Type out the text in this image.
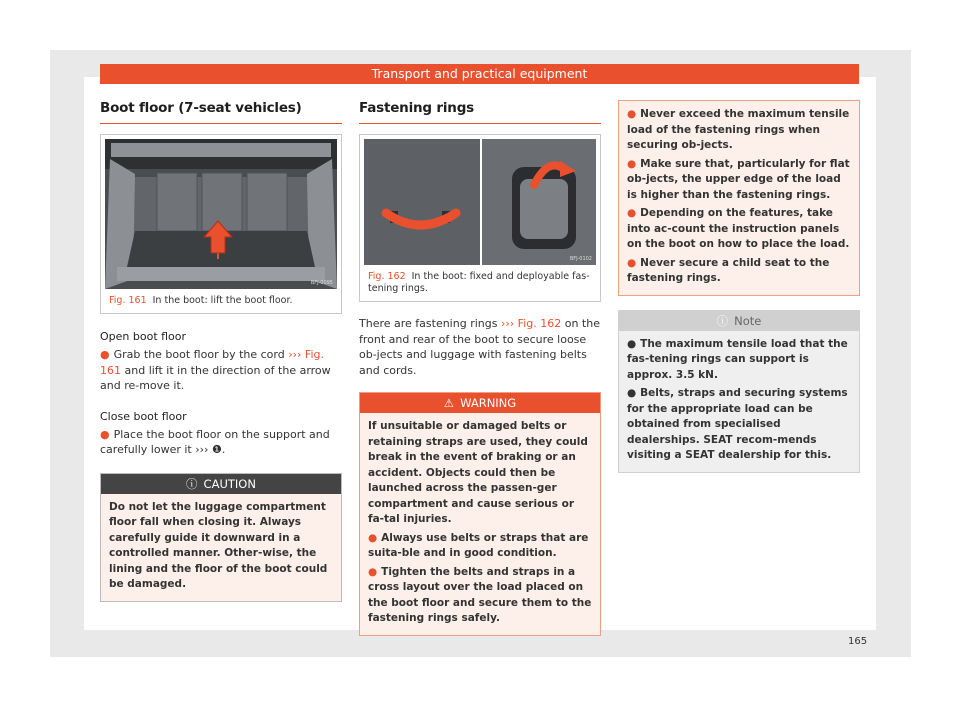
Transport and practical equipment
Boot floor (7-seat vehicles)
BFJ-0095
Fig. 161 In the boot: lift the boot floor.
Open boot floor
● Grab the boot floor by the cord ››› Fig. 161 and lift it in the direction of the arrow and re-move it.
Close boot floor
● Place the boot floor on the support and carefully lower it ››› ❶.
ⓘ CAUTION
Do not let the luggage compartment floor fall when closing it. Always carefully guide it downward in a controlled manner. Other-wise, the lining and the floor of the boot could be damaged.
Fastening rings
BFJ-0102
Fig. 162 In the boot: fixed and deployable fas-tening rings.
There are fastening rings ››› Fig. 162 on the front and rear of the boot to secure loose ob-jects and luggage with fastening belts and cords.
⚠ WARNING

If unsuitable or damaged belts or retaining straps are used, they could break in the event of braking or an accident. Objects could then be launched across the passen-ger compartment and cause serious or fa-tal injuries.

● Always use belts or straps that are suita-ble and in good condition.

● Tighten the belts and straps in a cross layout over the load placed on the boot floor and secure them to the fastening rings safely.

● Never exceed the maximum tensile load of the fastening rings when securing ob-jects.

● Make sure that, particularly for flat ob-jects, the upper edge of the load is higher than the fastening rings.

● Depending on the features, take into ac-count the instruction panels on the boot on how to place the load.

● Never secure a child seat to the fastening rings.

ⓘ Note

● The maximum tensile load that the fas-tening rings can support is approx. 3.5 kN.

● Belts, straps and securing systems for the appropriate load can be obtained from specialised dealerships. SEAT recom-mends visiting a SEAT dealership for this.

165
